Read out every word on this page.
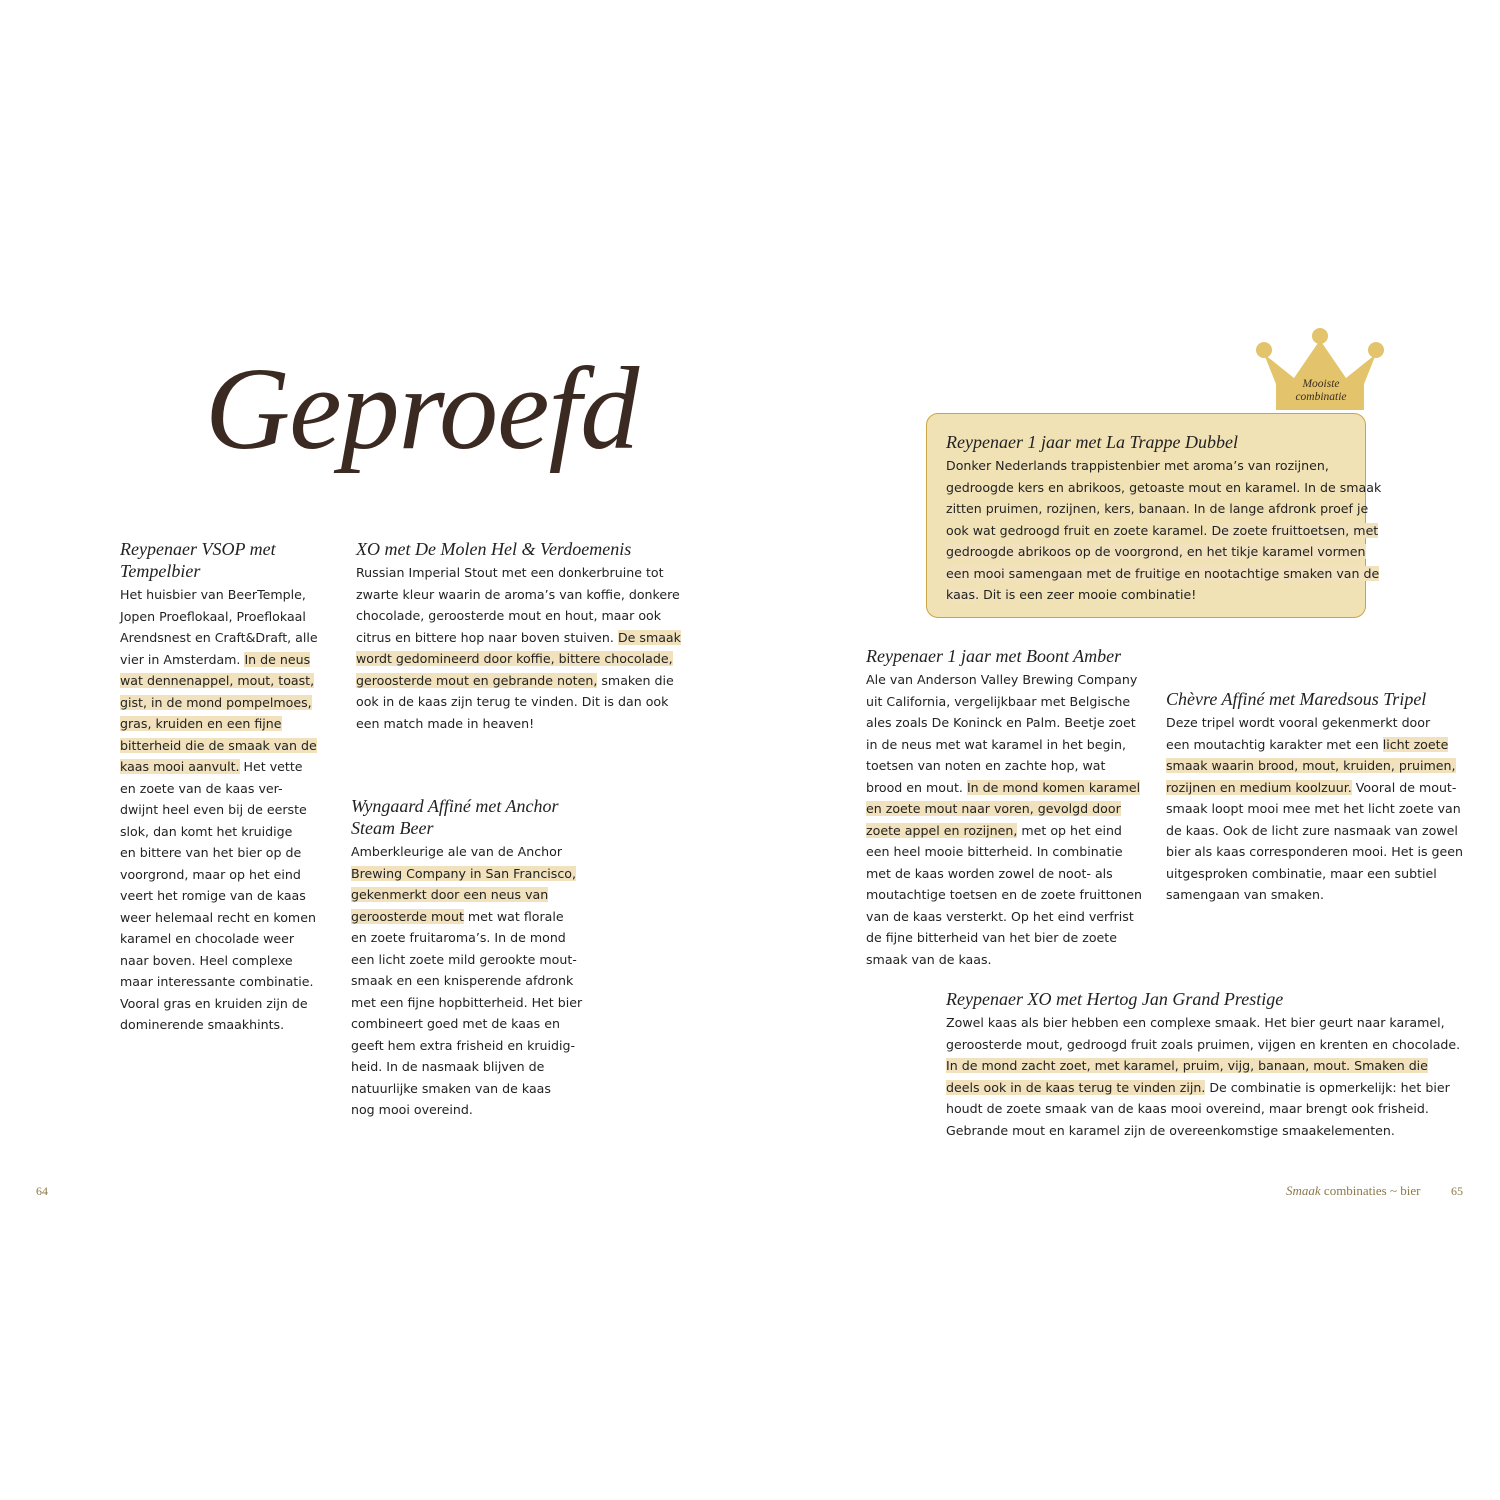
Geproefd
Reypenaer VSOP met
Tempelbier
Het huisbier van BeerTemple,
Jopen Proeflokaal, Proeflokaal
Arendsnest en Craft&Draft, alle
vier in Amsterdam. In de neus
wat dennenappel, mout, toast,
gist, in de mond pompelmoes,
gras, kruiden en een fijne
bitterheid die de smaak van de
kaas mooi aanvult. Het vette
en zoete van de kaas ver-
dwijnt heel even bij de eerste
slok, dan komt het kruidige
en bittere van het bier op de
voorgrond, maar op het eind
veert het romige van de kaas
weer helemaal recht en komen
karamel en chocolade weer
naar boven. Heel complexe
maar interessante combinatie.
Vooral gras en kruiden zijn de
dominerende smaakhints.
XO met De Molen Hel & Verdoemenis
Russian Imperial Stout met een donkerbruine tot
zwarte kleur waarin de aroma’s van koffie, donkere
chocolade, geroosterde mout en hout, maar ook
citrus en bittere hop naar boven stuiven. De smaak
wordt gedomineerd door koffie, bittere chocolade,
geroosterde mout en gebrande noten, smaken die
ook in de kaas zijn terug te vinden. Dit is dan ook
een match made in heaven!
Wyngaard Affiné met Anchor
Steam Beer
Amberkleurige ale van de Anchor
Brewing Company in San Francisco,
gekenmerkt door een neus van
geroosterde mout met wat florale
en zoete fruitaroma’s. In de mond
een licht zoete mild gerookte mout-
smaak en een knisperende afdronk
met een fijne hopbitterheid. Het bier
combineert goed met de kaas en
geeft hem extra frisheid en kruidig-
heid. In de nasmaak blijven de
natuurlijke smaken van de kaas
nog mooi overeind.
Mooiste
combinatie
Reypenaer 1 jaar met La Trappe Dubbel
Donker Nederlands trappistenbier met aroma’s van rozijnen,
gedroogde kers en abrikoos, getoaste mout en karamel. In de smaak
zitten pruimen, rozijnen, kers, banaan. In de lange afdronk proef je
ook wat gedroogd fruit en zoete karamel. De zoete fruittoetsen, met
gedroogde abrikoos op de voorgrond, en het tikje karamel vormen
een mooi samengaan met de fruitige en nootachtige smaken van de
kaas. Dit is een zeer mooie combinatie!
Reypenaer 1 jaar met Boont Amber
Ale van Anderson Valley Brewing Company
uit California, vergelijkbaar met Belgische
ales zoals De Koninck en Palm. Beetje zoet
in de neus met wat karamel in het begin,
toetsen van noten en zachte hop, wat
brood en mout. In de mond komen karamel
en zoete mout naar voren, gevolgd door
zoete appel en rozijnen, met op het eind
een heel mooie bitterheid. In combinatie
met de kaas worden zowel de noot- als
moutachtige toetsen en de zoete fruittonen
van de kaas versterkt. Op het eind verfrist
de fijne bitterheid van het bier de zoete
smaak van de kaas.
Chèvre Affiné met Maredsous Tripel
Deze tripel wordt vooral gekenmerkt door
een moutachtig karakter met een licht zoete
smaak waarin brood, mout, kruiden, pruimen,
rozijnen en medium koolzuur. Vooral de mout-
smaak loopt mooi mee met het licht zoete van
de kaas. Ook de licht zure nasmaak van zowel
bier als kaas corresponderen mooi. Het is geen
uitgesproken combinatie, maar een subtiel
samengaan van smaken.
Reypenaer XO met Hertog Jan Grand Prestige
Zowel kaas als bier hebben een complexe smaak. Het bier geurt naar karamel,
geroosterde mout, gedroogd fruit zoals pruimen, vijgen en krenten en chocolade.
In de mond zacht zoet, met karamel, pruim, vijg, banaan, mout. Smaken die
deels ook in de kaas terug te vinden zijn. De combinatie is opmerkelijk: het bier
houdt de zoete smaak van de kaas mooi overeind, maar brengt ook frisheid.
Gebrande mout en karamel zijn de overeenkomstige smaakelementen.
64	Smaak combinaties ~ bier	65
